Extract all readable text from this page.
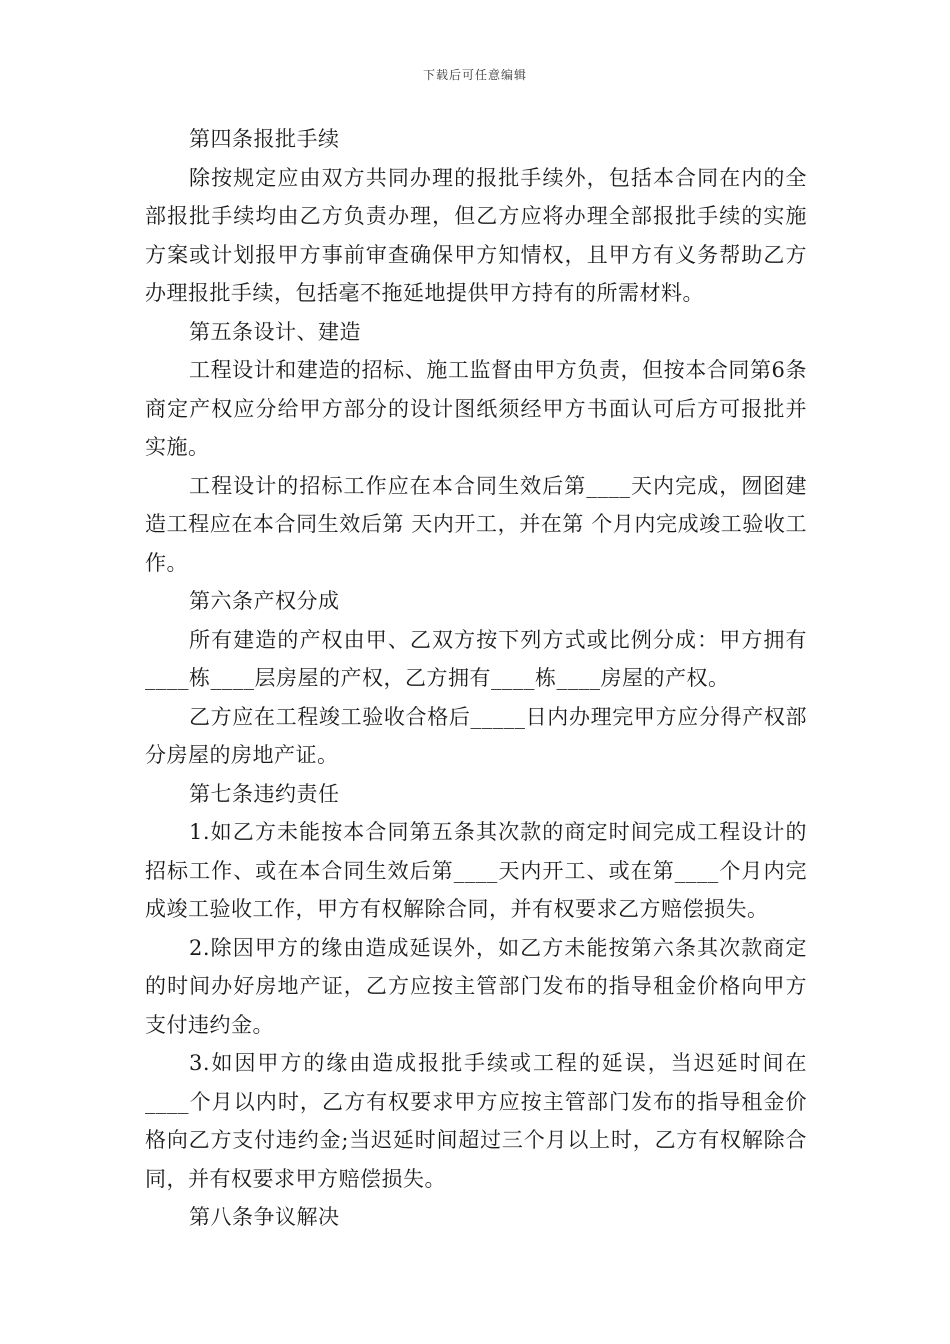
下载后可任意编辑

第四条报批手续

除按规定应由双方共同办理的报批手续外，包括本合同在内的全部报批手续均由乙方负责办理，但乙方应将办理全部报批手续的实施方案或计划报甲方事前审查确保甲方知情权，且甲方有义务帮助乙方办理报批手续，包括毫不拖延地提供甲方持有的所需材料。

第五条设计、建造

工程设计和建造的招标、施工监督由甲方负责，但按本合同第6条商定产权应分给甲方部分的设计图纸须经甲方书面认可后方可报批并实施。

工程设计的招标工作应在本合同生效后第____天内完成，囫囵建造工程应在本合同生效后第 天内开工，并在第 个月内完成竣工验收工作。

第六条产权分成

所有建造的产权由甲、乙双方按下列方式或比例分成：甲方拥有____栋____层房屋的产权，乙方拥有____栋____房屋的产权。

乙方应在工程竣工验收合格后_____日内办理完甲方应分得产权部分房屋的房地产证。

第七条违约责任

1.如乙方未能按本合同第五条其次款的商定时间完成工程设计的招标工作、或在本合同生效后第____天内开工、或在第____个月内完成竣工验收工作，甲方有权解除合同，并有权要求乙方赔偿损失。

2.除因甲方的缘由造成延误外，如乙方未能按第六条其次款商定的时间办好房地产证，乙方应按主管部门发布的指导租金价格向甲方支付违约金。

3.如因甲方的缘由造成报批手续或工程的延误，当迟延时间在____个月以内时，乙方有权要求甲方应按主管部门发布的指导租金价格向乙方支付违约金;当迟延时间超过三个月以上时，乙方有权解除合同，并有权要求甲方赔偿损失。

第八条争议解决
